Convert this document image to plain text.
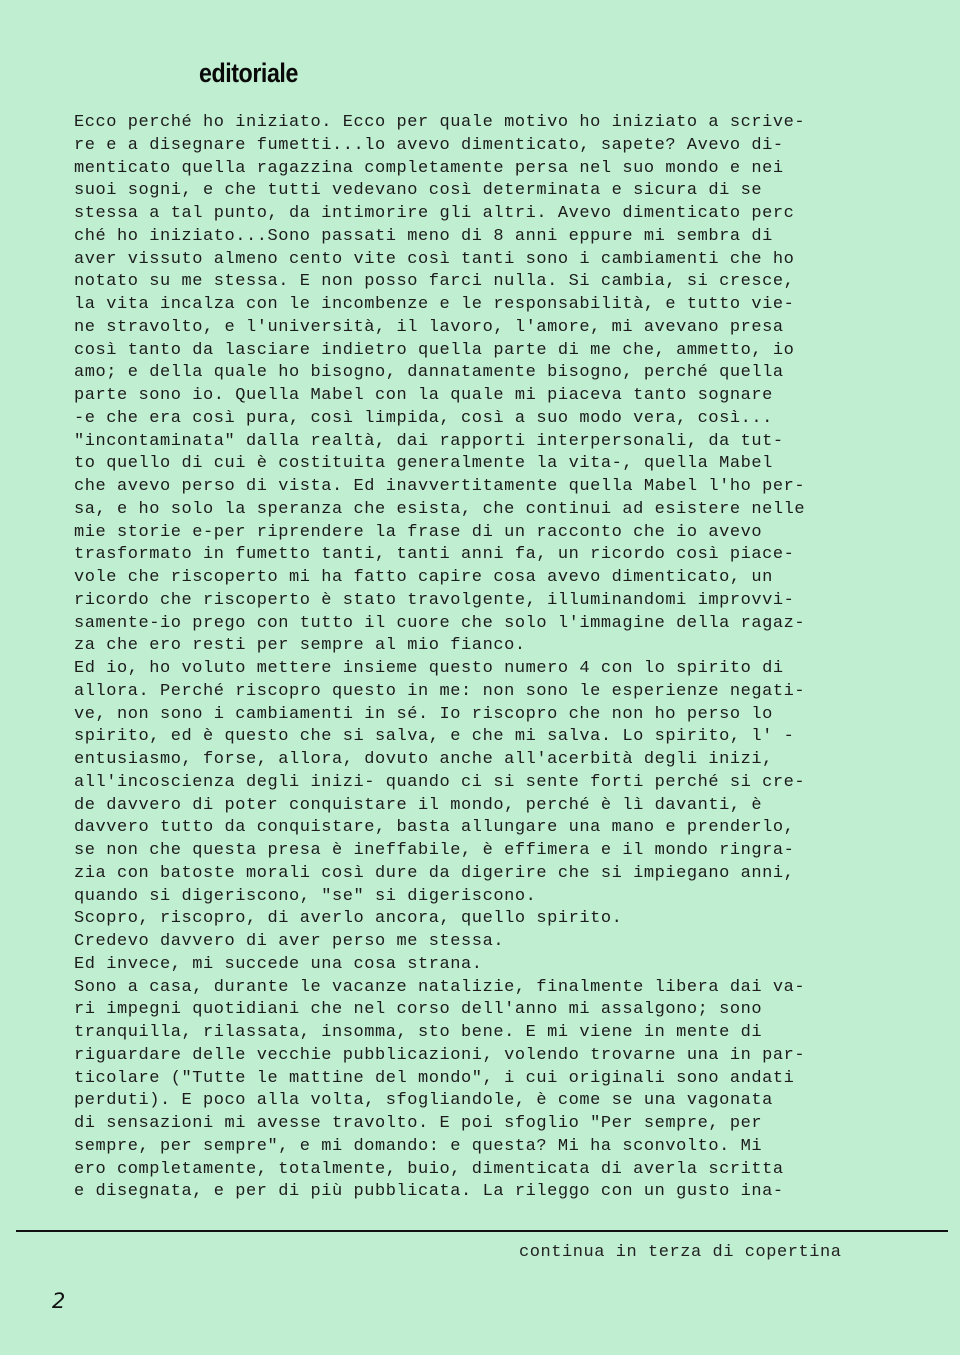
editoriale
Ecco perché ho iniziato. Ecco per quale motivo ho iniziato a scrive-
re e a disegnare fumetti...lo avevo dimenticato, sapete? Avevo di-
menticato quella ragazzina completamente persa nel suo mondo e nei
suoi sogni, e che tutti vedevano così determinata e sicura di se
stessa a tal punto, da intimorire gli altri. Avevo dimenticato perc
ché ho iniziato...Sono passati meno di 8 anni eppure mi sembra di
aver vissuto almeno cento vite così tanti sono i cambiamenti che ho
notato su me stessa. E non posso farci nulla. Si cambia, si cresce,
la vita incalza con le incombenze e le responsabilità, e tutto vie-
ne stravolto, e l'università, il lavoro, l'amore, mi avevano presa
così tanto da lasciare indietro quella parte di me che, ammetto, io
amo; e della quale ho bisogno, dannatamente bisogno, perché quella
parte sono io. Quella Mabel con la quale mi piaceva tanto sognare
-e che era così pura, così limpida, così a suo modo vera, così...
"incontaminata" dalla realtà, dai rapporti interpersonali, da tut-
to quello di cui è costituita generalmente la vita-, quella Mabel
che avevo perso di vista. Ed inavvertitamente quella Mabel l'ho per-
sa, e ho solo la speranza che esista, che continui ad esistere nelle
mie storie e-per riprendere la frase di un racconto che io avevo
trasformato in fumetto tanti, tanti anni fa, un ricordo così piace-
vole che riscoperto mi ha fatto capire cosa avevo dimenticato, un
ricordo che riscoperto è stato travolgente, illuminandomi improvvi-
samente-io prego con tutto il cuore che solo l'immagine della ragaz-
za che ero resti per sempre al mio fianco.
Ed io, ho voluto mettere insieme questo numero 4 con lo spirito di
allora. Perché riscopro questo in me: non sono le esperienze negati-
ve, non sono i cambiamenti in sé. Io riscopro che non ho perso lo
spirito, ed è questo che si salva, e che mi salva. Lo spirito, l' -
entusiasmo, forse, allora, dovuto anche all'acerbità degli inizi,
all'incoscienza degli inizi- quando ci si sente forti perché si cre-
de davvero di poter conquistare il mondo, perché è lì davanti, è
davvero tutto da conquistare, basta allungare una mano e prenderlo,
se non che questa presa è ineffabile, è effimera e il mondo ringra-
zia con batoste morali così dure da digerire che si impiegano anni,
quando si digeriscono, "se" si digeriscono.
Scopro, riscopro, di averlo ancora, quello spirito.
Credevo davvero di aver perso me stessa.
Ed invece, mi succede una cosa strana.
Sono a casa, durante le vacanze natalizie, finalmente libera dai va-
ri impegni quotidiani che nel corso dell'anno mi assalgono; sono
tranquilla, rilassata, insomma, sto bene. E mi viene in mente di
riguardare delle vecchie pubblicazioni, volendo trovarne una in par-
ticolare ("Tutte le mattine del mondo", i cui originali sono andati
perduti). E poco alla volta, sfogliandole, è come se una vagonata
di sensazioni mi avesse travolto. E poi sfoglio "Per sempre, per
sempre, per sempre", e mi domando: e questa? Mi ha sconvolto. Mi
ero completamente, totalmente, buio, dimenticata di averla scritta
e disegnata, e per di più pubblicata. La rileggo con un gusto ina-
continua in terza di copertina
2
